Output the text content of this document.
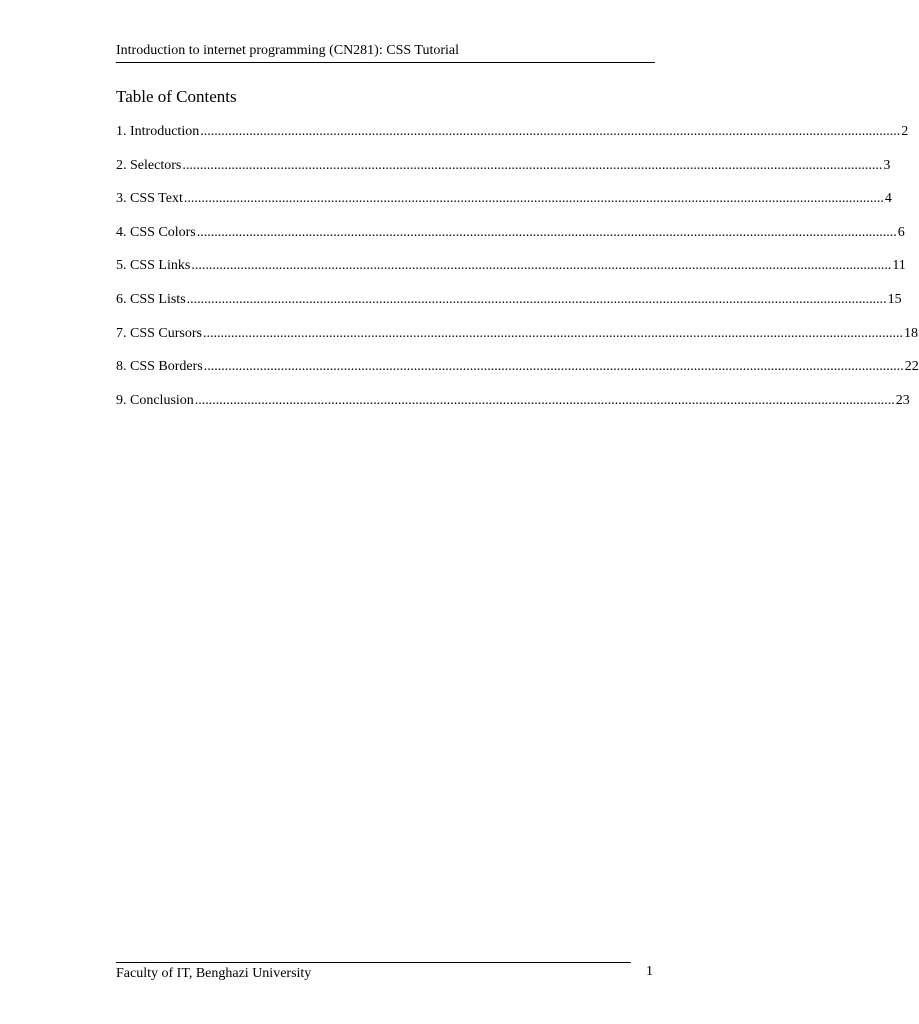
Introduction to internet programming (CN281): CSS Tutorial
Table of Contents
1. Introduction ........................................................................................................................................................................................................ 2
2. Selectors ........................................................................................................................................................................................................ 3
3. CSS Text ........................................................................................................................................................................................................ 4
4. CSS Colors ........................................................................................................................................................................................................ 6
5. CSS Links ........................................................................................................................................................................................................ 11
6. CSS Lists ........................................................................................................................................................................................................ 15
7. CSS Cursors ........................................................................................................................................................................................................ 18
8. CSS Borders ........................................................................................................................................................................................................ 22
9. Conclusion ........................................................................................................................................................................................................ 23
Faculty of IT, Benghazi University	1
